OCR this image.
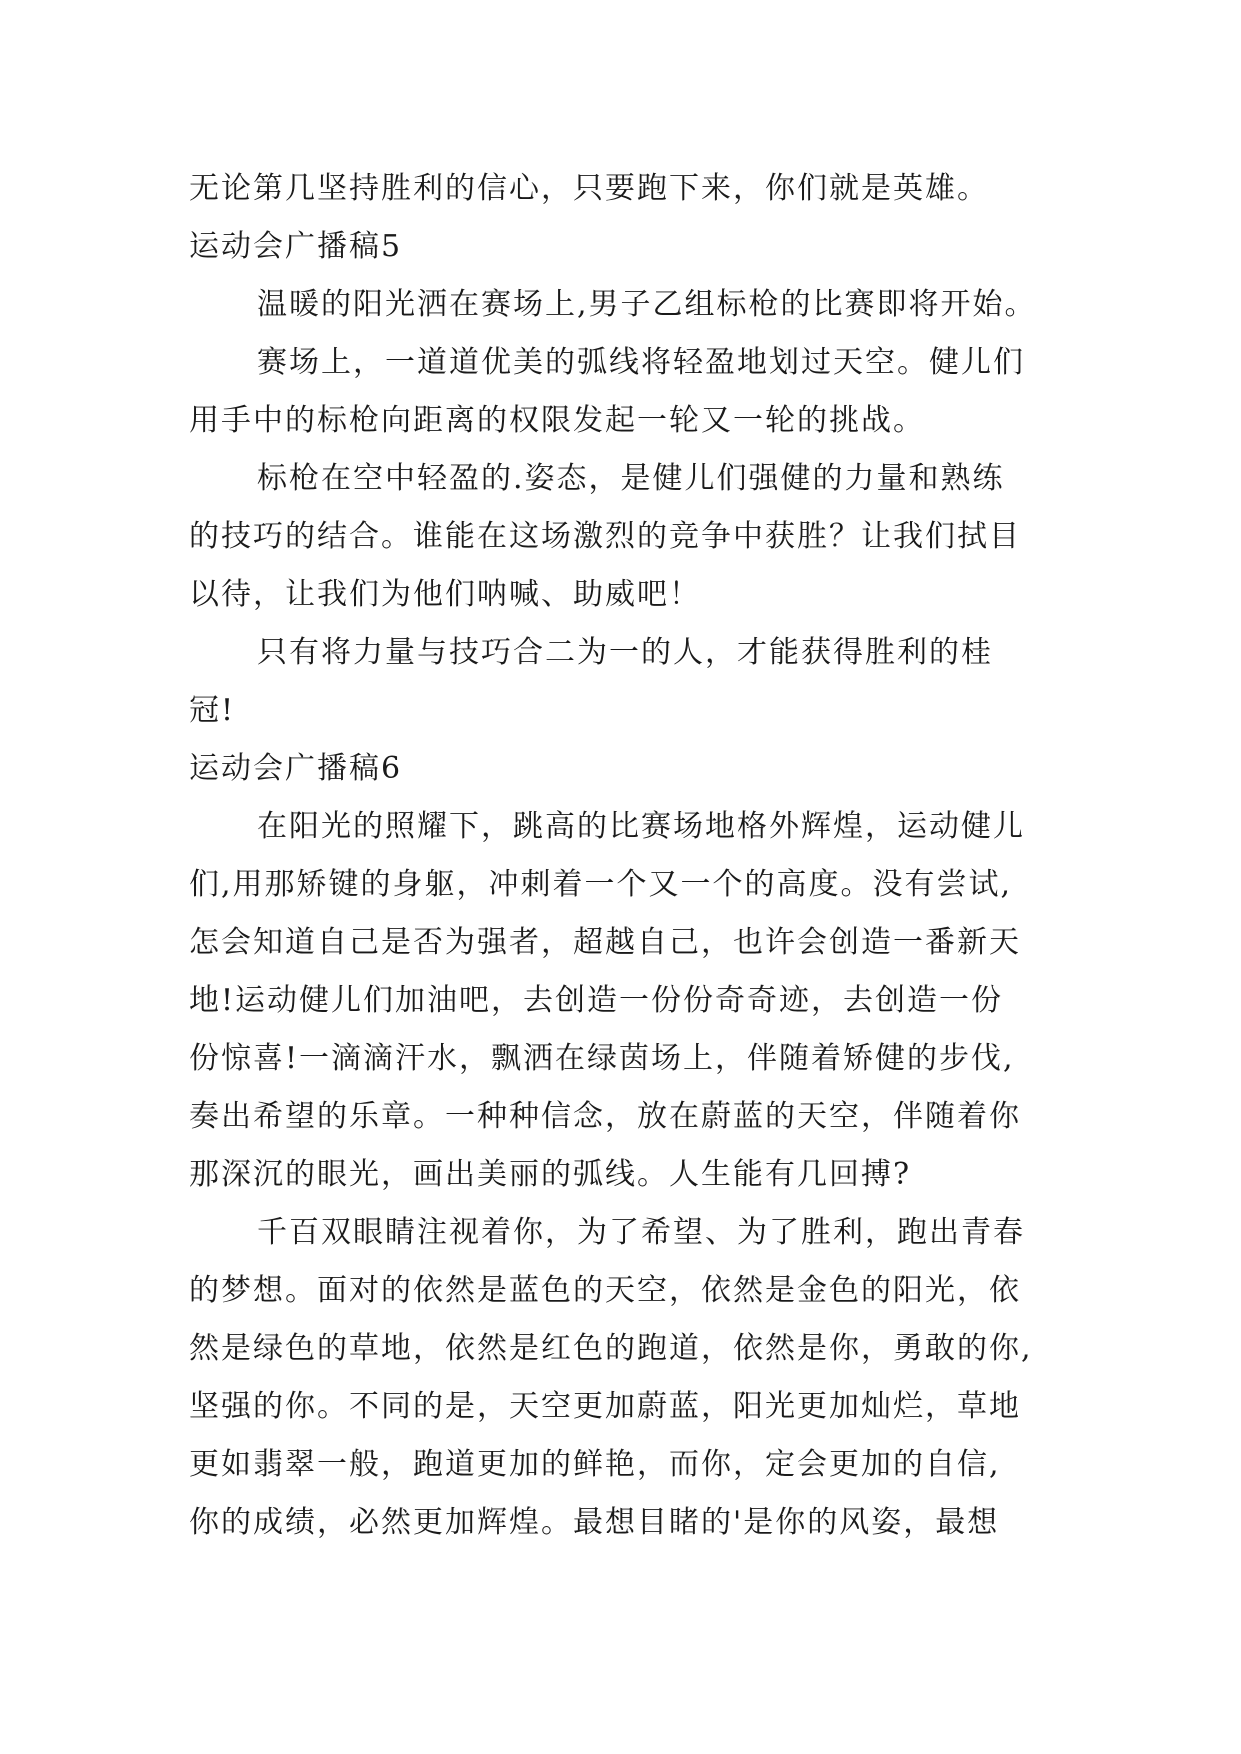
无论第几坚持胜利的信心，只要跑下来，你们就是英雄。
运动会广播稿5
温暖的阳光洒在赛场上,男子乙组标枪的比赛即将开始。
赛场上，一道道优美的弧线将轻盈地划过天空。健儿们
用手中的标枪向距离的权限发起一轮又一轮的挑战。
标枪在空中轻盈的.姿态，是健儿们强健的力量和熟练
的技巧的结合。谁能在这场激烈的竞争中获胜？让我们拭目
以待，让我们为他们呐喊、助威吧！
只有将力量与技巧合二为一的人，才能获得胜利的桂
冠!
运动会广播稿6
在阳光的照耀下，跳高的比赛场地格外辉煌，运动健儿
们,用那矫键的身躯，冲刺着一个又一个的高度。没有尝试,
怎会知道自己是否为强者，超越自己，也许会创造一番新天
地!运动健儿们加油吧，去创造一份份奇奇迹，去创造一份
份惊喜!一滴滴汗水，飘洒在绿茵场上，伴随着矫健的步伐,
奏出希望的乐章。一种种信念，放在蔚蓝的天空，伴随着你
那深沉的眼光，画出美丽的弧线。人生能有几回搏?
千百双眼睛注视着你，为了希望、为了胜利，跑出青春
的梦想。面对的依然是蓝色的天空，依然是金色的阳光，依
然是绿色的草地，依然是红色的跑道，依然是你，勇敢的你,
坚强的你。不同的是，天空更加蔚蓝，阳光更加灿烂，草地
更如翡翠一般，跑道更加的鲜艳，而你，定会更加的自信,
你的成绩，必然更加辉煌。最想目睹的'是你的风姿，最想
